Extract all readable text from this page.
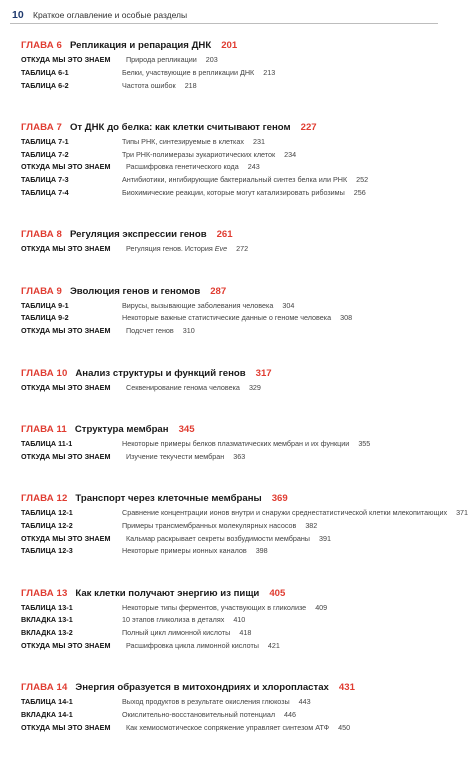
10 Краткое оглавление и особые разделы
ГЛАВА 6 Репликация и репарация ДНК 201
ОТКУДА МЫ ЭТО ЗНАЕМ	Природа репликации 203
ТАБЛИЦА 6-1	Белки, участвующие в репликации ДНК 213
ТАБЛИЦА 6-2	Частота ошибок 218
ГЛАВА 7 От ДНК до белка: как клетки считывают геном 227
ТАБЛИЦА 7-1	Типы РНК, синтезируемые в клетках 231
ТАБЛИЦА 7-2	Три РНК-полимеразы эукариотических клеток 234
ОТКУДА МЫ ЭТО ЗНАЕМ	Расшифровка генетического кода 243
ТАБЛИЦА 7-3	Антибиотики, ингибирующие бактериальный синтез белка или РНК 252
ТАБЛИЦА 7-4	Биохимические реакции, которые могут катализировать рибозимы 256
ГЛАВА 8 Регуляция экспрессии генов 261
ОТКУДА МЫ ЭТО ЗНАЕМ	Регуляция генов. История Eve 272
ГЛАВА 9 Эволюция генов и геномов 287
ТАБЛИЦА 9-1	Вирусы, вызывающие заболевания человека 304
ТАБЛИЦА 9-2	Некоторые важные статистические данные о геноме человека 308
ОТКУДА МЫ ЭТО ЗНАЕМ	Подсчет генов 310
ГЛАВА 10 Анализ структуры и функций генов 317
ОТКУДА МЫ ЭТО ЗНАЕМ	Секвенирование генома человека 329
ГЛАВА 11 Структура мембран 345
ТАБЛИЦА 11-1	Некоторые примеры белков плазматических мембран и их функции 355
ОТКУДА МЫ ЭТО ЗНАЕМ	Изучение текучести мембран 363
ГЛАВА 12 Транспорт через клеточные мембраны 369
ТАБЛИЦА 12-1	Сравнение концентрации ионов внутри и снаружи среднестатистической клетки млекопитающих 371
ТАБЛИЦА 12-2	Примеры трансмембранных молекулярных насосов 382
ОТКУДА МЫ ЭТО ЗНАЕМ	Кальмар раскрывает секреты возбудимости мембраны 391
ТАБЛИЦА 12-3	Некоторые примеры ионных каналов 398
ГЛАВА 13 Как клетки получают энергию из пищи 405
ТАБЛИЦА 13-1	Некоторые типы ферментов, участвующих в гликолизе 409
ВКЛАДКА 13-1	10 этапов гликолиза в деталях 410
ВКЛАДКА 13-2	Полный цикл лимонной кислоты 418
ОТКУДА МЫ ЭТО ЗНАЕМ	Расшифровка цикла лимонной кислоты 421
ГЛАВА 14 Энергия образуется в митохондриях и хлоропластах 431
ТАБЛИЦА 14-1	Выход продуктов в результате окисления глюкозы 443
ВКЛАДКА 14-1	Окислительно-восстановительный потенциал 446
ОТКУДА МЫ ЭТО ЗНАЕМ	Как хемиосмотическое сопряжение управляет синтезом АТФ 450
